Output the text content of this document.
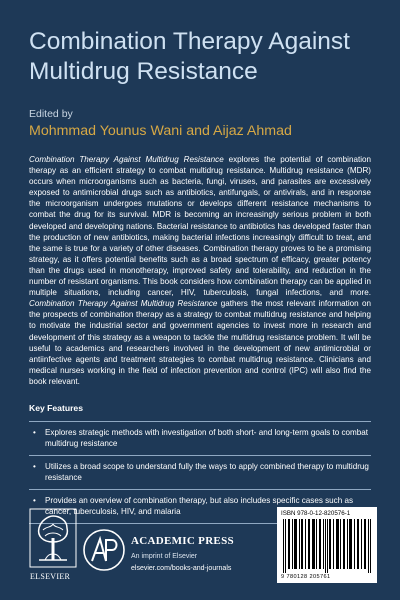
Combination Therapy Against
Multidrug Resistance
Edited by
Mohmmad Younus Wani and Aijaz Ahmad
Combination Therapy Against Multidrug Resistance explores the potential of combination therapy as an efficient strategy to combat multidrug resistance. Multidrug resistance (MDR) occurs when microorganisms such as bacteria, fungi, viruses, and parasites are excessively exposed to antimicrobial drugs such as antibiotics, antifungals, or antivirals, and in response the microorganism undergoes mutations or develops different resistance mechanisms to combat the drug for its survival. MDR is becoming an increasingly serious problem in both developed and developing nations. Bacterial resistance to antibiotics has developed faster than the production of new antibiotics, making bacterial infections increasingly difficult to treat, and the same is true for a variety of other diseases. Combination therapy proves to be a promising strategy, as it offers potential benefits such as a broad spectrum of efficacy, greater potency than the drugs used in monotherapy, improved safety and tolerability, and reduction in the number of resistant organisms. This book considers how combination therapy can be applied in multiple situations, including cancer, HIV, tuberculosis, fungal infections, and more. Combination Therapy Against Multidrug Resistance gathers the most relevant information on the prospects of combination therapy as a strategy to combat multidrug resistance and helping to motivate the industrial sector and government agencies to invest more in research and development of this strategy as a weapon to tackle the multidrug resistance problem. It will be useful to academics and researchers involved in the development of new antimicrobial or antiinfective agents and treatment strategies to combat multidrug resistance. Clinicians and medical nurses working in the field of infection prevention and control (IPC) will also find the book relevant.
Key Features
• Explores strategic methods with investigation of both short- and long-term goals to combat multidrug resistance
• Utilizes a broad scope to understand fully the ways to apply combined therapy to multidrug resistance
• Provides an overview of combination therapy, but also includes specific cases such as cancer, tuberculosis, HIV, and malaria
ELSEVIER
ACADEMIC PRESS
An imprint of Elsevier
elsevier.com/books-and-journals
ISBN 978-0-12-820576-1
9 780128 205761
